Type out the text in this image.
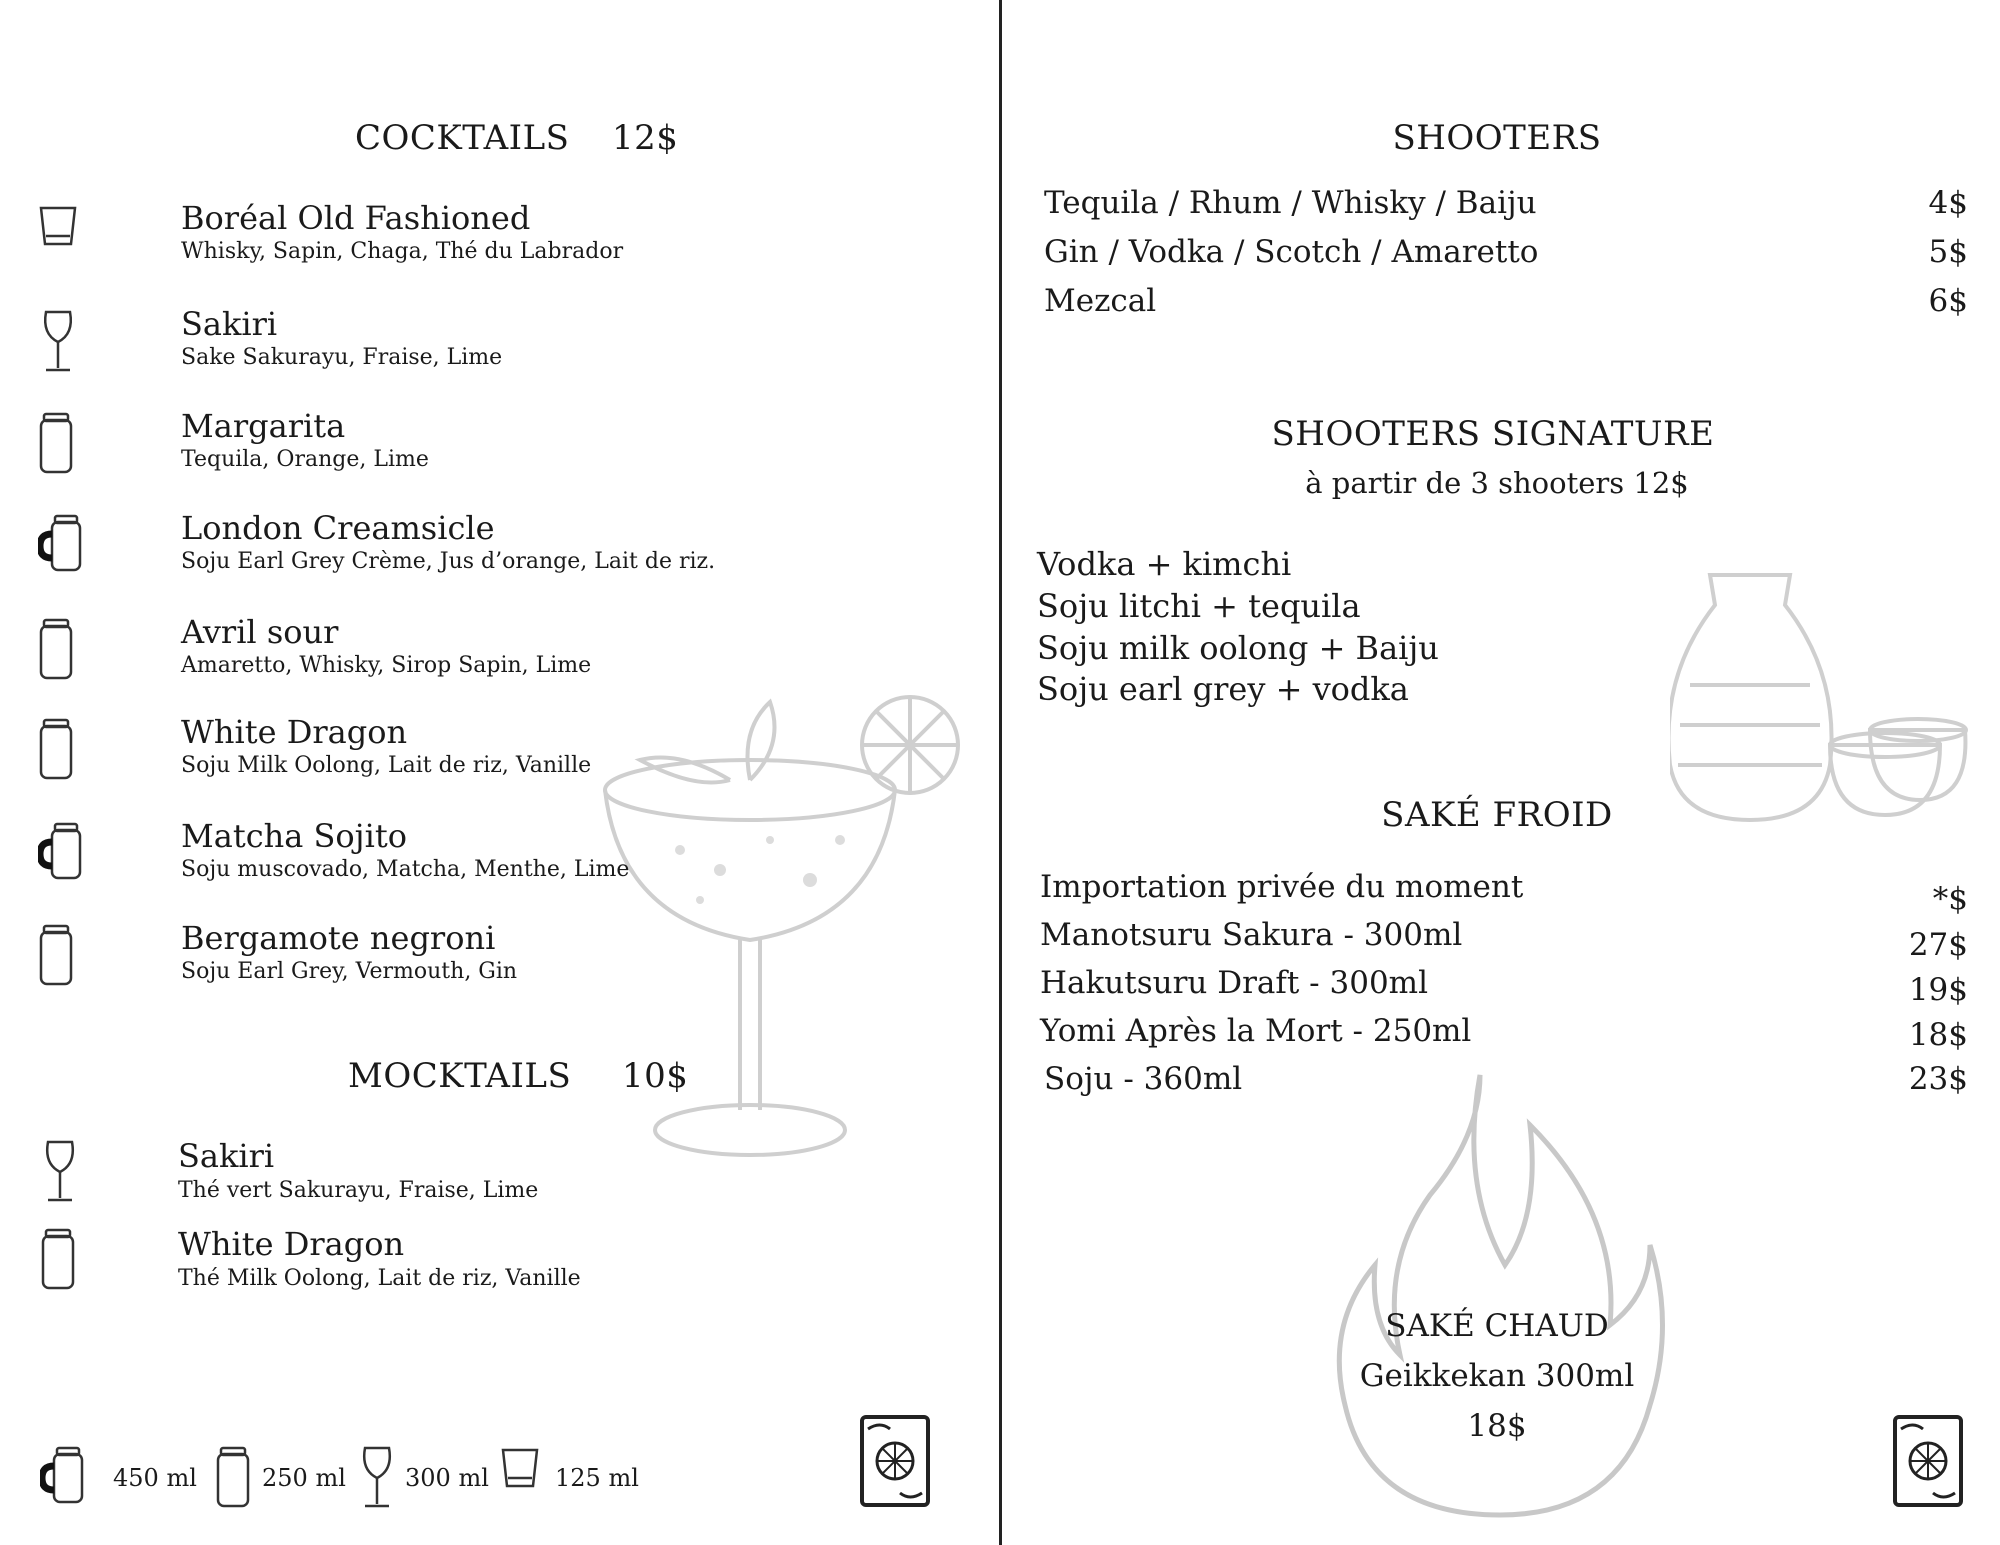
COCKTAILS 12$
Boréal Old Fashioned
Whisky, Sapin, Chaga, Thé du Labrador
Sakiri
Sake Sakurayu, Fraise, Lime
Margarita
Tequila, Orange, Lime
London Creamsicle
Soju Earl Grey Crème, Jus d’orange, Lait de riz.
Avril sour
Amaretto, Whisky, Sirop Sapin, Lime
White Dragon
Soju Milk Oolong, Lait de riz, Vanille
Matcha Sojito
Soju muscovado, Matcha, Menthe, Lime
Bergamote negroni
Soju Earl Grey, Vermouth, Gin
MOCKTAILS 10$
Sakiri
Thé vert Sakurayu, Fraise, Lime
White Dragon
Thé Milk Oolong, Lait de riz, Vanille
450 ml	250 ml 300 ml	125 ml
SHOOTERS
Tequila / Rhum / Whisky / Baiju	4$
Gin / Vodka / Scotch / Amaretto	5$
Mezcal	6$
SHOOTERS SIGNATURE
à partir de 3 shooters 12$
Vodka + kimchi
Soju litchi + tequila
Soju milk oolong + Baiju
Soju earl grey + vodka
SAKÉ FROID
Importation privée du moment	*$
Manotsuru Sakura - 300ml	27$
Hakutsuru Draft - 300ml	19$
Yomi Après la Mort - 250ml	18$
Soju - 360ml	23$
SAKÉ CHAUD
Geikkekan 300ml
18$
